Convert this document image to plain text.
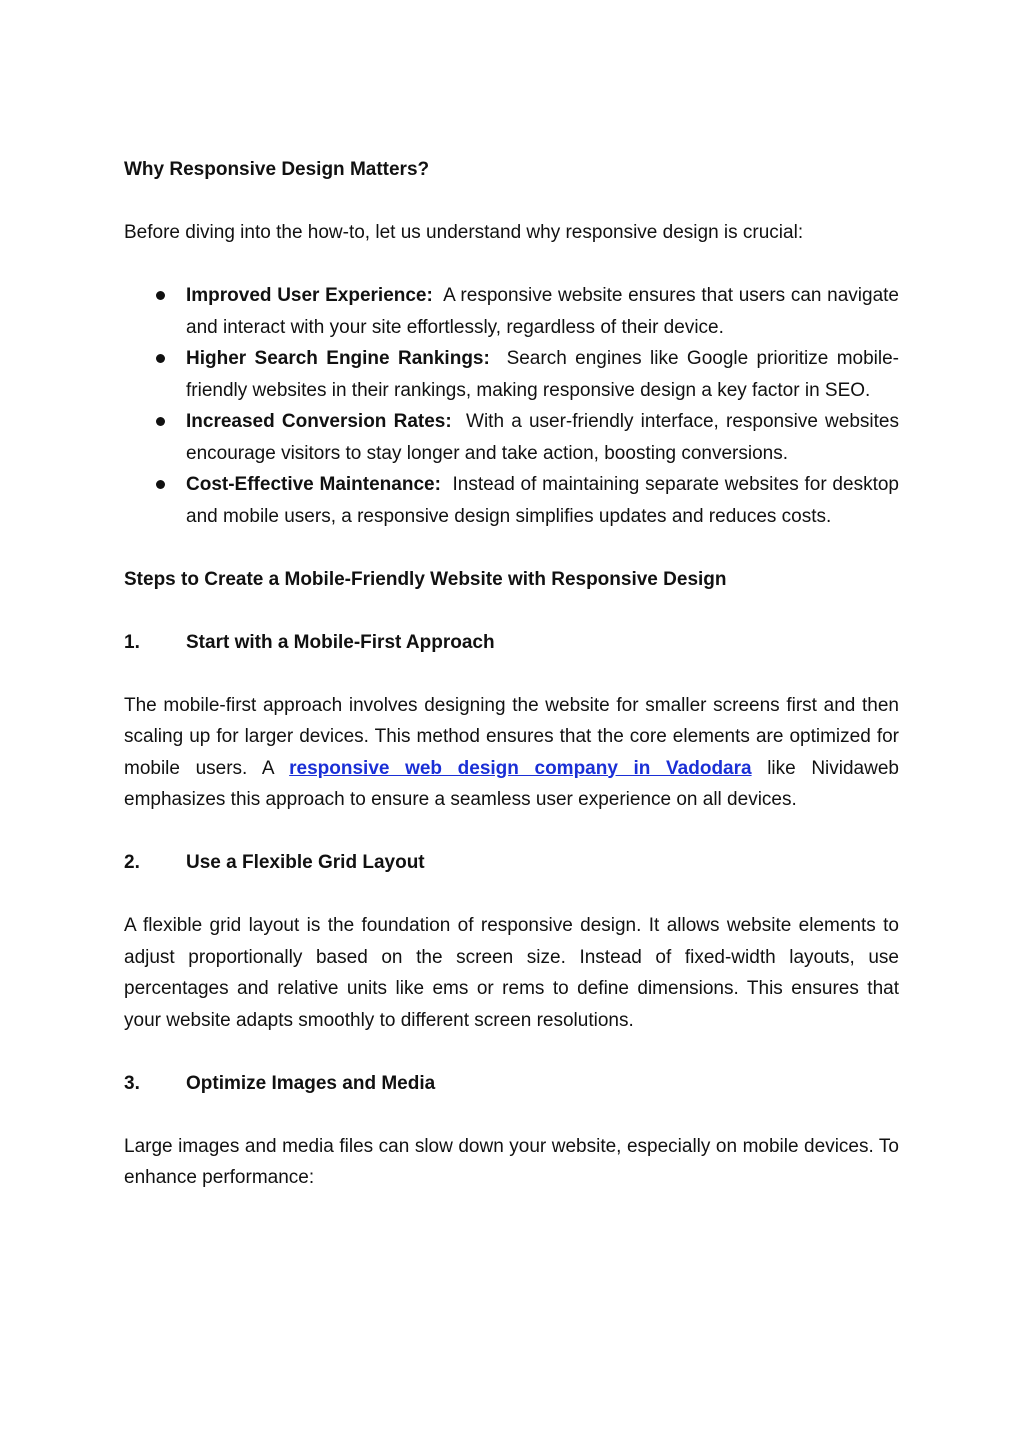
Why Responsive Design Matters?

Before diving into the how-to, let us understand why responsive design is crucial:

Improved User Experience: A responsive website ensures that users can navigate and interact with your site effortlessly, regardless of their device.
Higher Search Engine Rankings: Search engines like Google prioritize mobile-friendly websites in their rankings, making responsive design a key factor in SEO.
Increased Conversion Rates: With a user-friendly interface, responsive websites encourage visitors to stay longer and take action, boosting conversions.
Cost-Effective Maintenance: Instead of maintaining separate websites for desktop and mobile users, a responsive design simplifies updates and reduces costs.

Steps to Create a Mobile-Friendly Website with Responsive Design

1.	Start with a Mobile-First Approach

The mobile-first approach involves designing the website for smaller screens first and then scaling up for larger devices. This method ensures that the core elements are optimized for mobile users. A responsive web design company in Vadodara like Nividaweb emphasizes this approach to ensure a seamless user experience on all devices.

2.	Use a Flexible Grid Layout

A flexible grid layout is the foundation of responsive design. It allows website elements to adjust proportionally based on the screen size. Instead of fixed-width layouts, use percentages and relative units like ems or rems to define dimensions. This ensures that your website adapts smoothly to different screen resolutions.

3.	Optimize Images and Media

Large images and media files can slow down your website, especially on mobile devices. To enhance performance:
